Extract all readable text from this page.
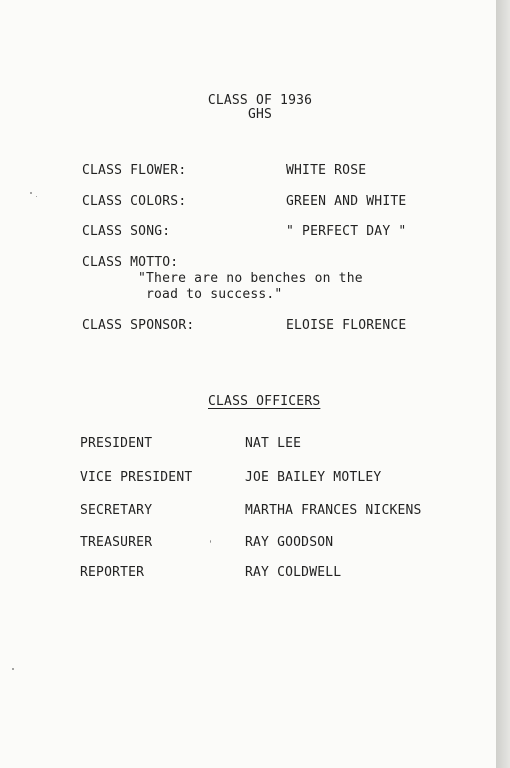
CLASS OF 1936
GHS
CLASS FLOWER:	WHITE ROSE
CLASS COLORS:	GREEN AND WHITE
CLASS SONG:	" PERFECT DAY "
CLASS MOTTO:
"There are no benches on the
road to success."
CLASS SPONSOR:	ELOISE FLORENCE
CLASS OFFICERS
PRESIDENT	NAT LEE
VICE PRESIDENT	JOE BAILEY MOTLEY
SECRETARY	MARTHA FRANCES NICKENS
TREASURER	RAY GOODSON
REPORTER	RAY COLDWELL
